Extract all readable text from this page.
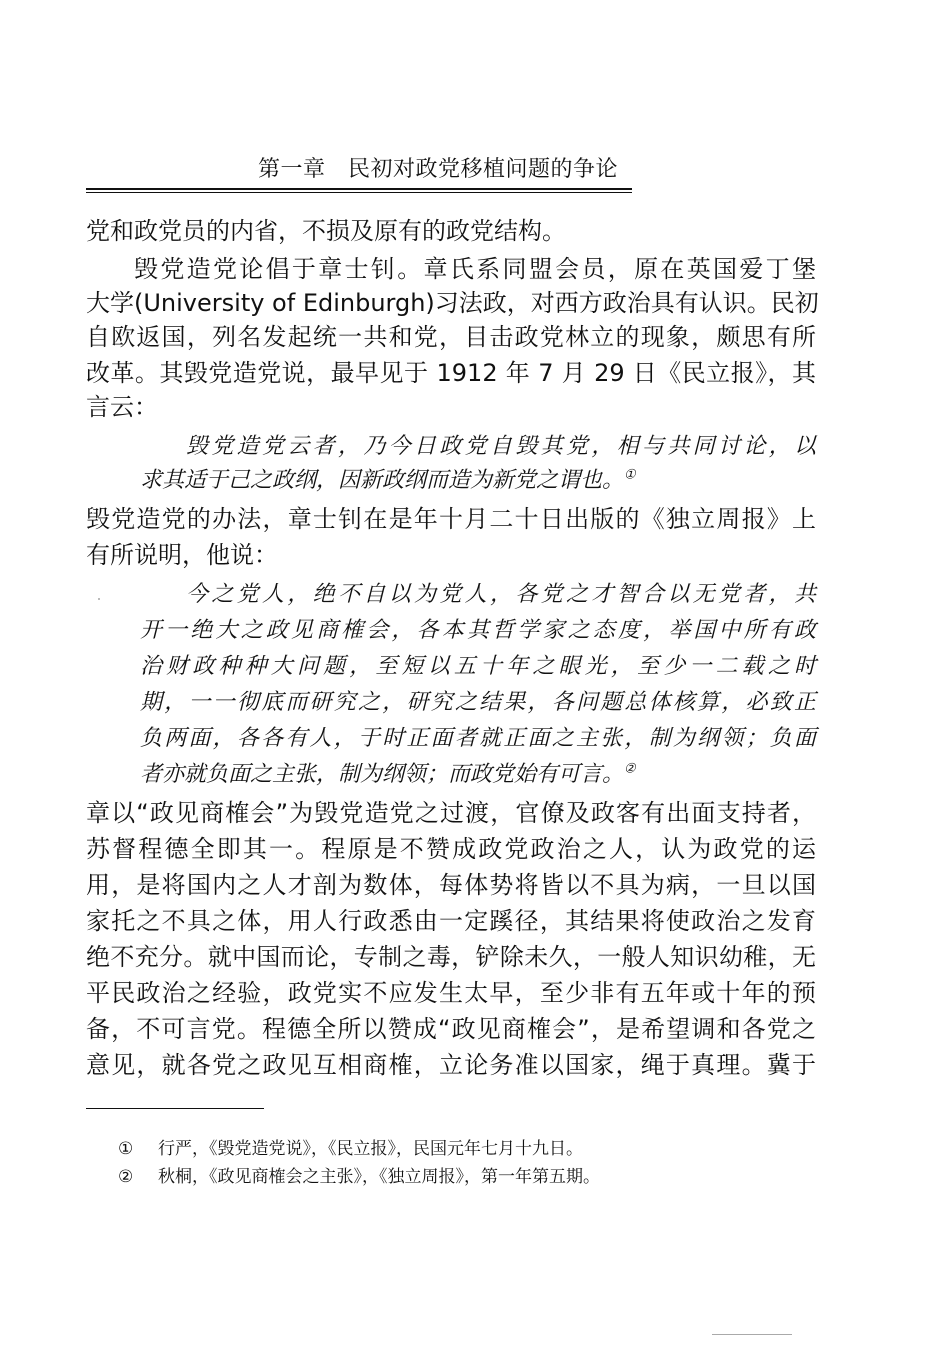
第一章 民初对政党移植问题的争论
党和政党员的内省，不损及原有的政党结构。
毁党造党论倡于章士钊。章氏系同盟会员，原在英国爱丁堡
大学(University of Edinburgh)习法政，对西方政治具有认识。民初
自欧返国，列名发起统一共和党，目击政党林立的现象，颇思有所
改革。其毁党造党说，最早见于 1912 年 7 月 29 日《民立报》，其
言云：
毁党造党云者，乃今日政党自毁其党，相与共同讨论，以
求其适于己之政纲，因新政纲而造为新党之谓也。①
毁党造党的办法，章士钊在是年十月二十日出版的《独立周报》上
有所说明，他说：
今之党人，绝不自以为党人，各党之才智合以无党者，共
开一绝大之政见商榷会，各本其哲学家之态度，举国中所有政
治财政种种大问题，至短以五十年之眼光，至少一二载之时
期，一一彻底而研究之，研究之结果，各问题总体核算，必致正
负两面，各各有人，于时正面者就正面之主张，制为纲领；负面
者亦就负面之主张，制为纲领；而政党始有可言。②
章以“政见商榷会”为毁党造党之过渡，官僚及政客有出面支持者，
苏督程德全即其一。程原是不赞成政党政治之人，认为政党的运
用，是将国内之人才剖为数体，每体势将皆以不具为病，一旦以国
家托之不具之体，用人行政悉由一定蹊径，其结果将使政治之发育
绝不充分。就中国而论，专制之毒，铲除未久，一般人知识幼稚，无
平民政治之经验，政党实不应发生太早，至少非有五年或十年的预
备，不可言党。程德全所以赞成“政见商榷会”，是希望调和各党之
意见，就各党之政见互相商榷，立论务准以国家，绳于真理。冀于
① 行严，《毁党造党说》，《民立报》，民国元年七月十九日。
② 秋桐，《政见商榷会之主张》，《独立周报》，第一年第五期。
